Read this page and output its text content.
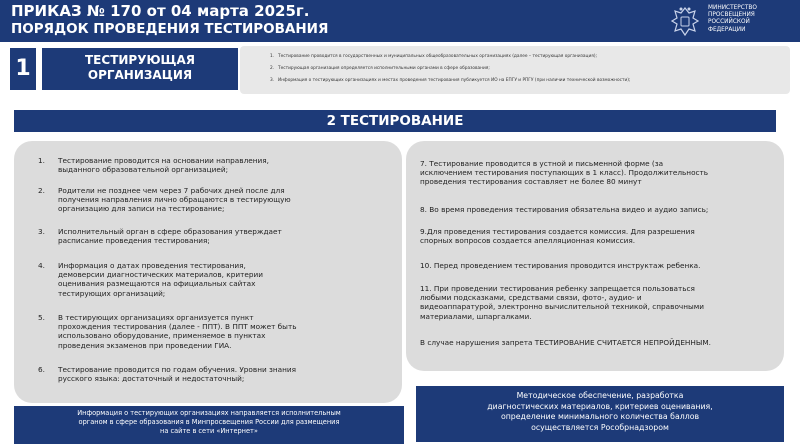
ПРИКАЗ № 170 от 04 марта 2025г.
ПОРЯДОК ПРОВЕДЕНИЯ ТЕСТИРОВАНИЯ
МИНИСТЕРСТВО
ПРОСВЕЩЕНИЯ
РОССИЙСКОЙ
ФЕДЕРАЦИИ
1	ТЕСТИРУЮЩАЯ
ОРГАНИЗАЦИЯ
1. Тестирование проводится в государственных и муниципальных общеобразовательных организациях (далее – тестирующая организация);
2. Тестирующая организация определяется исполнительными органами в сфере образования;
3. Информация о тестирующих организациях и местах проведения тестирования публикуется ИО на ЕПГУ и РПГУ (при наличии технической возможности);
2 ТЕСТИРОВАНИЕ
1. Тестирование проводится на основании направления,
выданного образовательной организацией;
2. Родители не позднее чем через 7 рабочих дней после для
получения направления лично обращаются в тестирующую
организацию для записи на тестирование;
3. Исполнительный орган в сфере образования утверждает
расписание проведения тестирования;
4. Информация о датах проведения тестирования,
демоверсии диагностических материалов, критерии
оценивания размещаются на официальных сайтах
тестирующих организаций;
5. В тестирующих организациях организуется пункт
прохождения тестирования (далее - ППТ). В ППТ может быть
использовано оборудование, применяемое в пунктах
проведения экзаменов при проведении ГИА.
6. Тестирование проводится по годам обучения. Уровни знания
русского языка: достаточный и недостаточный;
7. Тестирование проводится в устной и письменной форме (за
исключением тестирования поступающих в 1 класс). Продолжительность
проведения тестирования составляет не более 80 минут
8. Во время проведения тестирования обязательна видео и аудио запись;
9.Для проведения тестирования создается комиссия. Для разрешения
спорных вопросов создается апелляционная комиссия.
10. Перед проведением тестирования проводится инструктаж ребенка.
11. При проведении тестирования ребенку запрещается пользоваться
любыми подсказками, средствами связи, фото-, аудио- и
видеоаппаратурой, электронно вычислительной техникой, справочными
материалами, шпаргалками.
В случае нарушения запрета ТЕСТИРОВАНИЕ СЧИТАЕТСЯ НЕПРОЙДЕННЫМ.
Информация о тестирующих организациях направляется исполнительным
органом в сфере образования в Минпросвещения России для размещения
на сайте в сети «Интернет»
Методическое обеспечение, разработка
диагностических материалов, критериев оценивания,
определение минимального количества баллов
осуществляется Рособрнадзором
